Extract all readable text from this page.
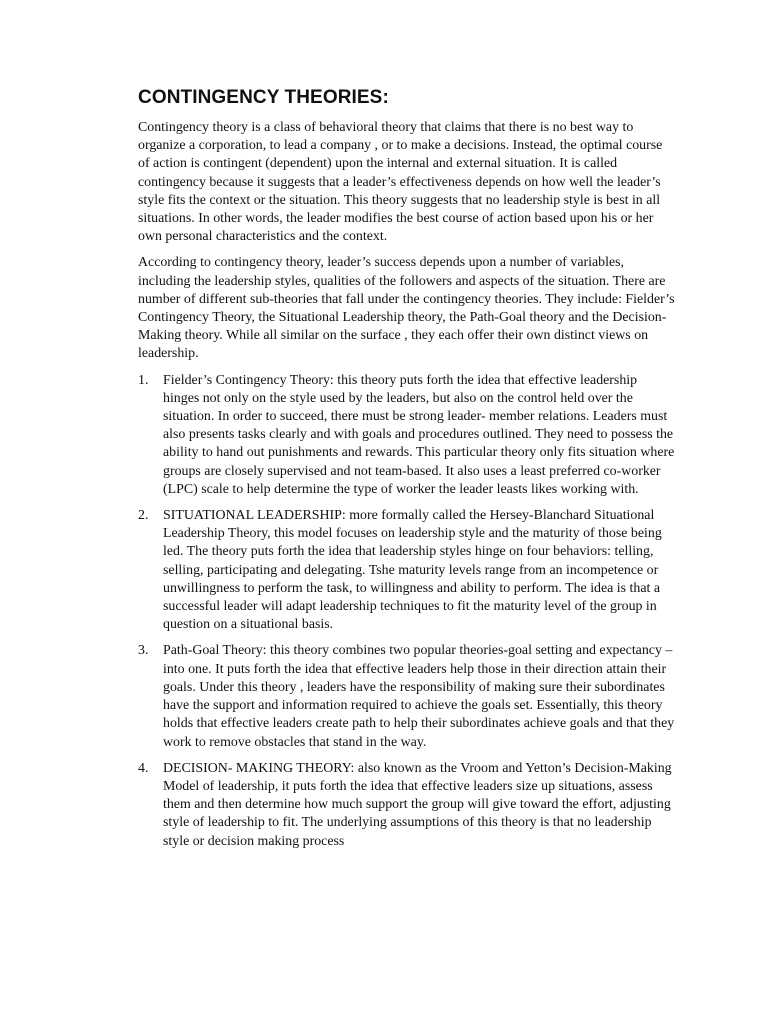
CONTINGENCY THEORIES:

Contingency theory is a class of behavioral theory that claims that there is no best way to organize a corporation, to lead a company , or to make a decisions. Instead, the optimal course of action is contingent (dependent) upon the internal and external situation. It is called contingency because it suggests that a leader’s effectiveness depends on how well the leader’s style fits the context or the situation. This theory suggests that no leadership style is best in all situations. In other words, the leader modifies the best course of action based upon his or her own personal characteristics and the context.

According to contingency theory, leader’s success depends upon a number of variables, including the leadership styles, qualities of the followers and aspects of the situation. There are number of different sub-theories that fall under the contingency theories. They include: Fielder’s Contingency Theory, the Situational Leadership theory, the Path-Goal theory and the Decision-Making theory. While all similar on the surface , they each offer their own distinct views on leadership.

1.	Fielder’s Contingency Theory: this theory puts forth the idea that effective leadership hinges not only on the style used by the leaders, but also on the control held over the situation. In order to succeed, there must be strong leader- member relations. Leaders must also presents tasks clearly and with goals and procedures outlined. They need to possess the ability to hand out punishments and rewards. This particular theory only fits situation where groups are closely supervised and not team-based. It also uses a least preferred co-worker (LPC) scale to help determine the type of worker the leader leasts likes working with.
2.	SITUATIONAL LEADERSHIP: more formally called the Hersey-Blanchard Situational Leadership Theory, this model focuses on leadership style and the maturity of those being led. The theory puts forth the idea that leadership styles hinge on four behaviors: telling, selling, participating and delegating. Tshe maturity levels range from an incompetence or unwillingness to perform the task, to willingness and ability to perform. The idea is that a successful leader will adapt leadership techniques to fit the maturity level of the group in question on a situational basis.
3.	Path-Goal Theory: this theory combines two popular theories-goal setting and expectancy – into one. It puts forth the idea that effective leaders help those in their direction attain their goals. Under this theory , leaders have the responsibility of making sure their subordinates have the support and information required to achieve the goals set. Essentially, this theory holds that effective leaders create path to help their subordinates achieve goals and that they work to remove obstacles that stand in the way.
4.	DECISION- MAKING THEORY: also known as the Vroom and Yetton’s Decision-Making Model of leadership, it puts forth the idea that effective leaders size up situations, assess them and then determine how much support the group will give toward the effort, adjusting style of leadership to fit. The underlying assumptions of this theory is that no leadership style or decision making process
